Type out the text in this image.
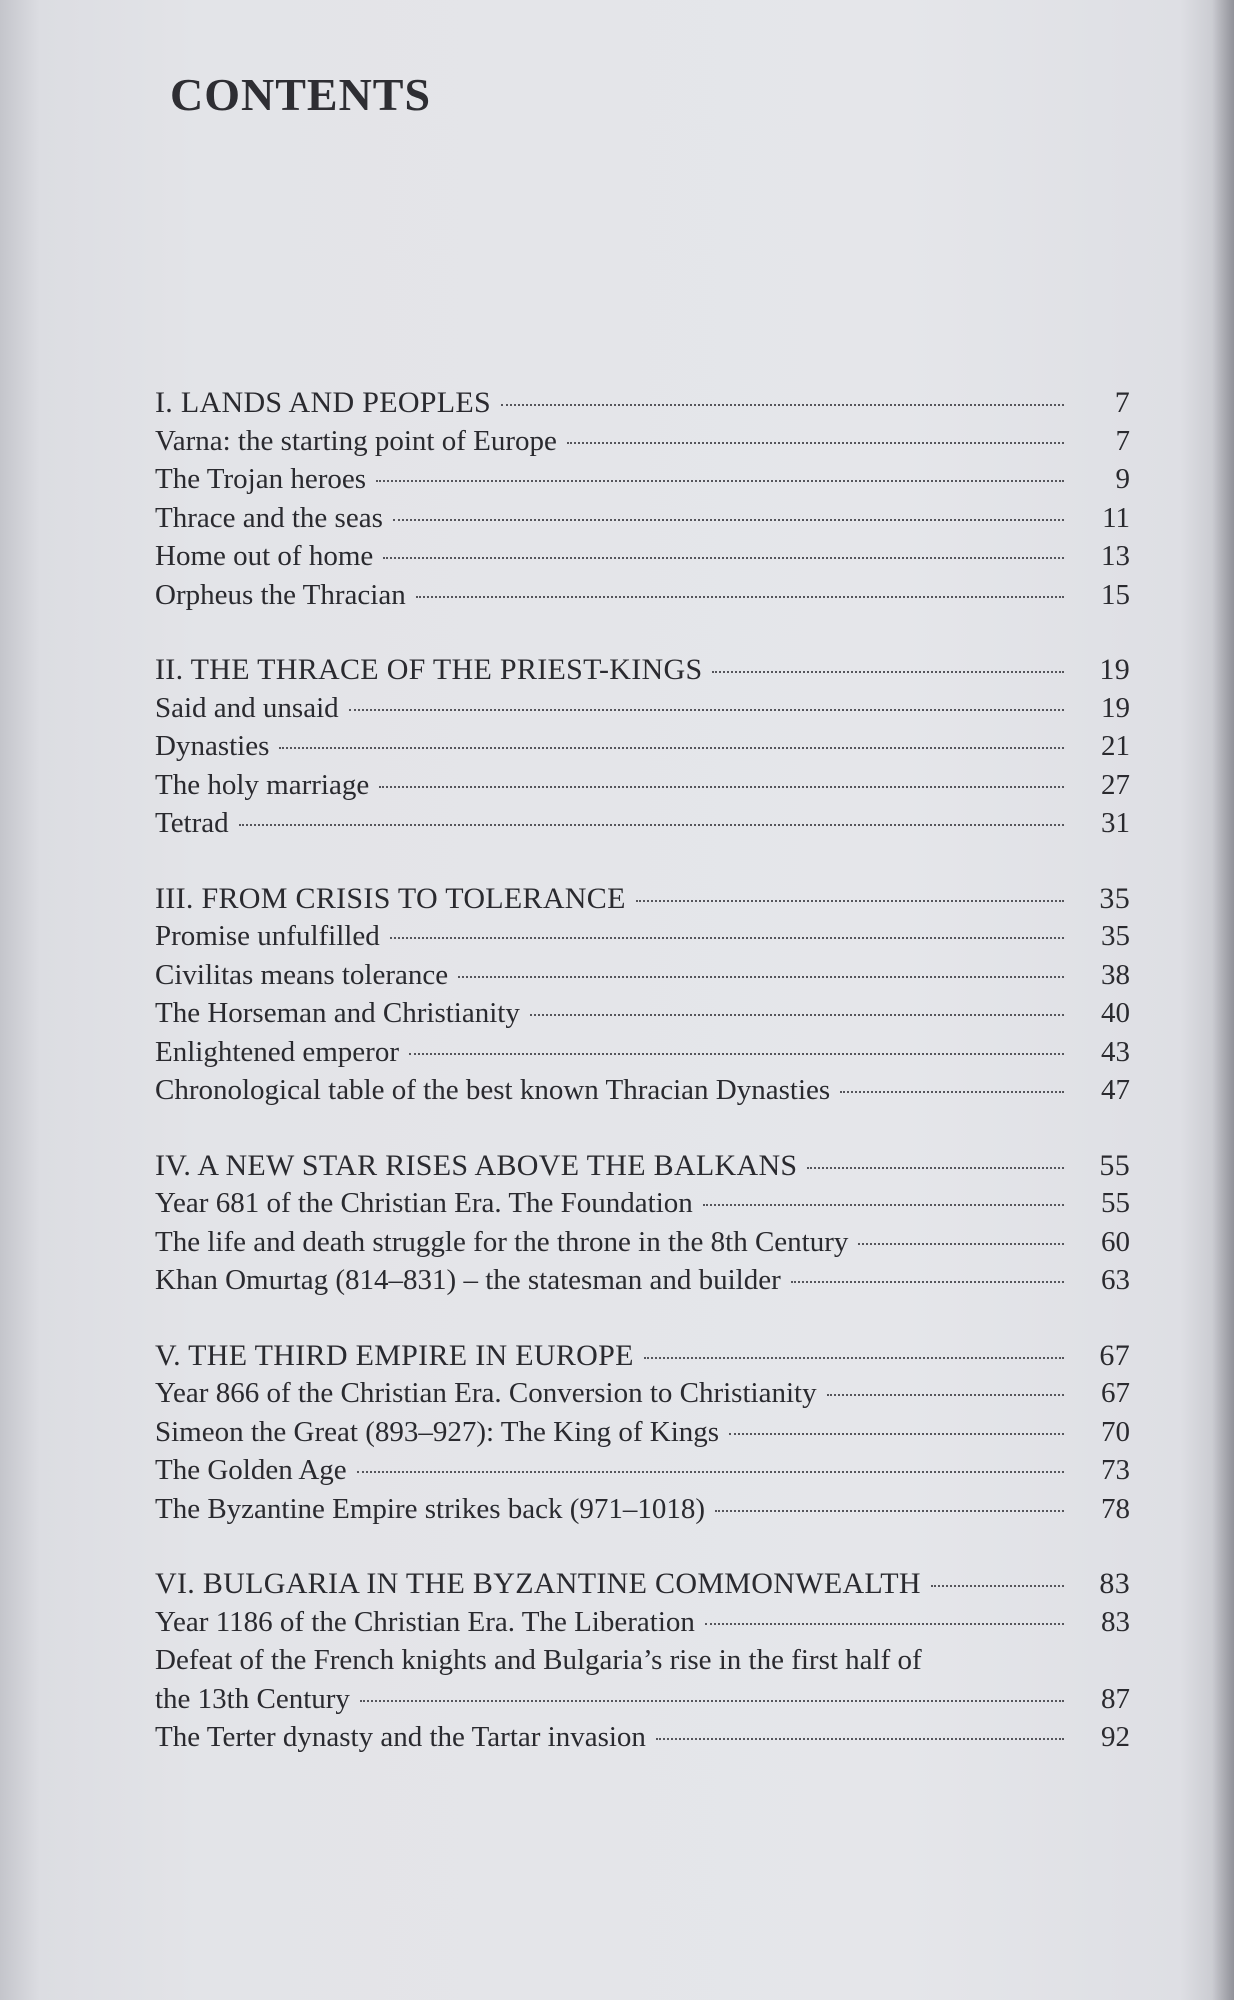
CONTENTS
I. LANDS AND PEOPLES	7
Varna: the starting point of Europe	7
The Trojan heroes	9
Thrace and the seas	11
Home out of home	13
Orpheus the Thracian	15
II. THE THRACE OF THE PRIEST-KINGS	19
Said and unsaid	19
Dynasties	21
The holy marriage	27
Tetrad	31
III. FROM CRISIS TO TOLERANCE	35
Promise unfulfilled	35
Civilitas means tolerance	38
The Horseman and Christianity	40
Enlightened emperor	43
Chronological table of the best known Thracian Dynasties	47
IV. A NEW STAR RISES ABOVE THE BALKANS	55
Year 681 of the Christian Era. The Foundation	55
The life and death struggle for the throne in the 8th Century	60
Khan Omurtag (814–831) – the statesman and builder	63
V. THE THIRD EMPIRE IN EUROPE	67
Year 866 of the Christian Era. Conversion to Christianity	67
Simeon the Great (893–927): The King of Kings	70
The Golden Age	73
The Byzantine Empire strikes back (971–1018)	78
VI. BULGARIA IN THE BYZANTINE COMMONWEALTH	83
Year 1186 of the Christian Era. The Liberation	83
Defeat of the French knights and Bulgaria’s rise in the first half of
the 13th Century	87
The Terter dynasty and the Tartar invasion	92
